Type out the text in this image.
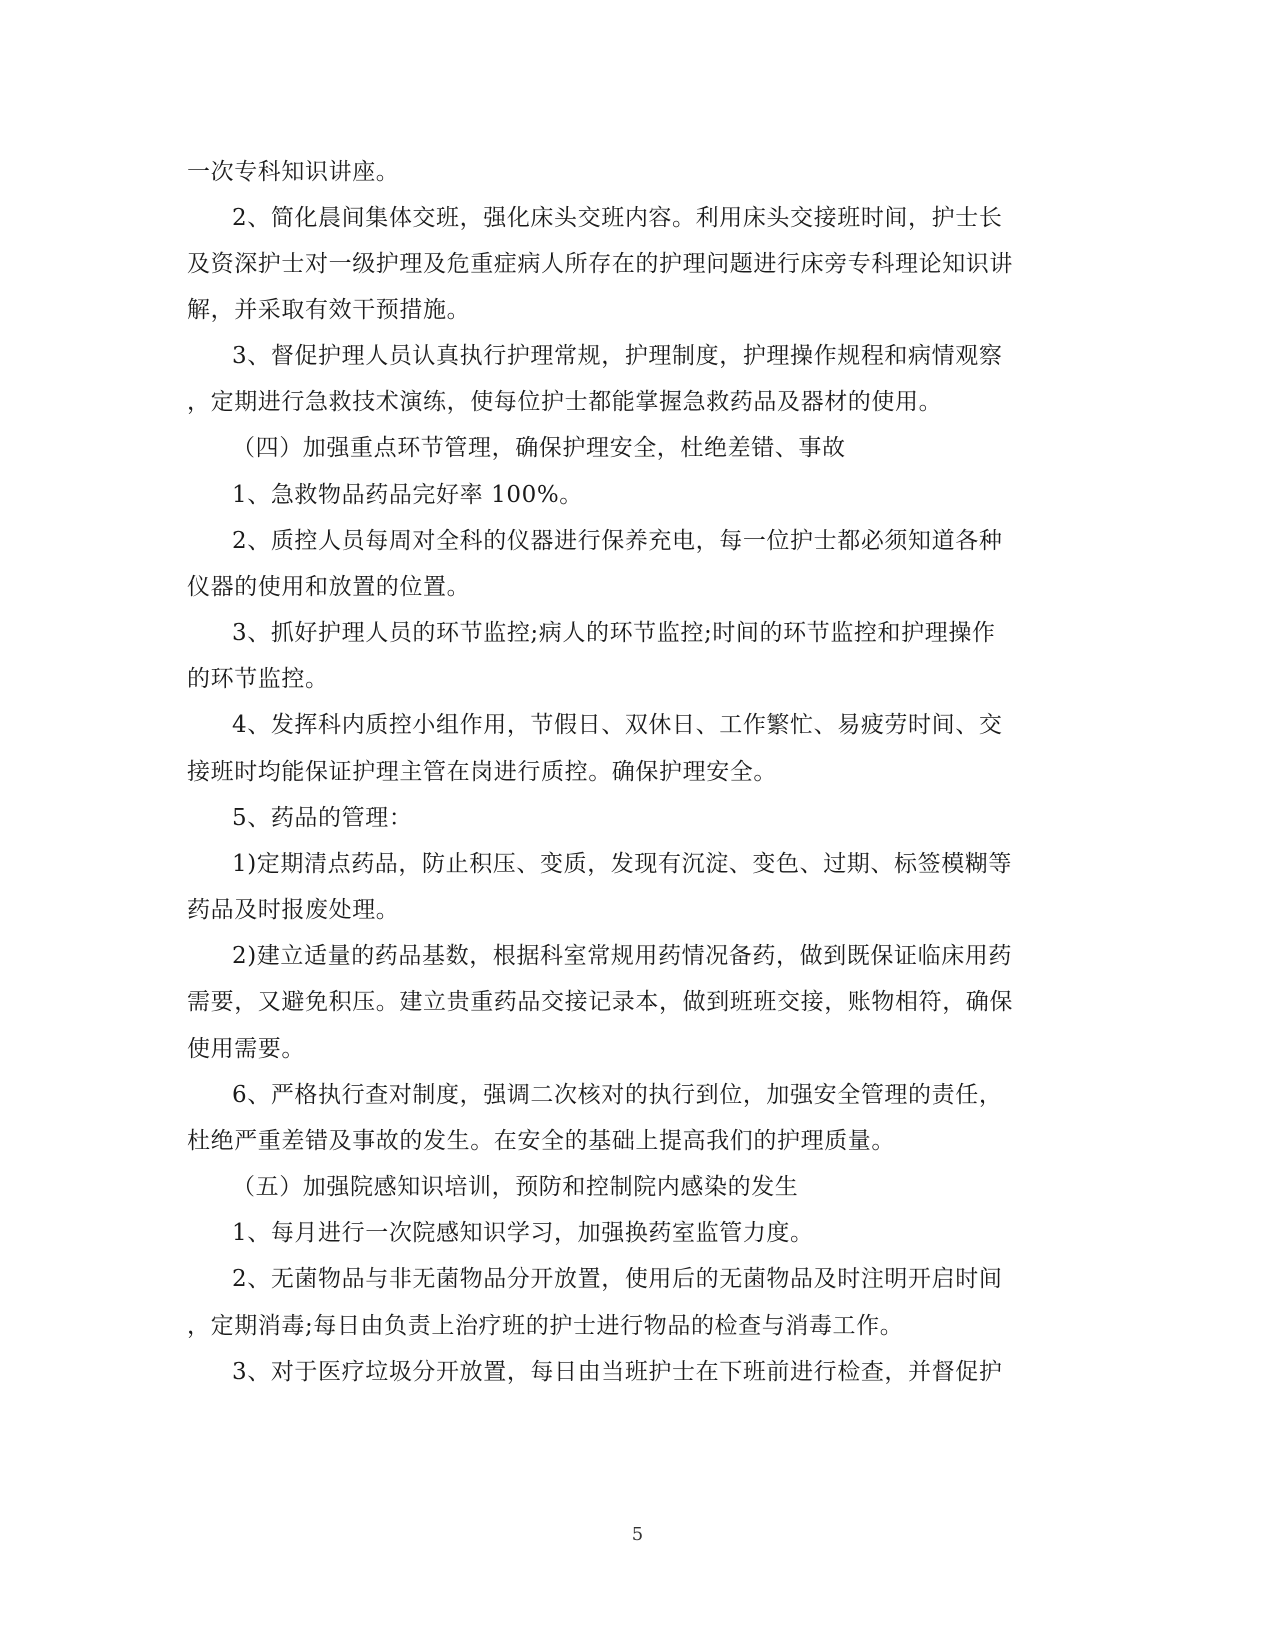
一次专科知识讲座。
2、简化晨间集体交班，强化床头交班内容。利用床头交接班时间，护士长
及资深护士对一级护理及危重症病人所存在的护理问题进行床旁专科理论知识讲
解，并采取有效干预措施。
3、督促护理人员认真执行护理常规，护理制度，护理操作规程和病情观察
，定期进行急救技术演练，使每位护士都能掌握急救药品及器材的使用。
（四）加强重点环节管理，确保护理安全，杜绝差错、事故
1、急救物品药品完好率 100%。
2、质控人员每周对全科的仪器进行保养充电，每一位护士都必须知道各种
仪器的使用和放置的位置。
3、抓好护理人员的环节监控;病人的环节监控;时间的环节监控和护理操作
的环节监控。
4、发挥科内质控小组作用，节假日、双休日、工作繁忙、易疲劳时间、交
接班时均能保证护理主管在岗进行质控。确保护理安全。
5、药品的管理：
1)定期清点药品，防止积压、变质，发现有沉淀、变色、过期、标签模糊等
药品及时报废处理。
2)建立适量的药品基数，根据科室常规用药情况备药，做到既保证临床用药
需要，又避免积压。建立贵重药品交接记录本，做到班班交接，账物相符，确保
使用需要。
6、严格执行查对制度，强调二次核对的执行到位，加强安全管理的责任，
杜绝严重差错及事故的发生。在安全的基础上提高我们的护理质量。
（五）加强院感知识培训，预防和控制院内感染的发生
1、每月进行一次院感知识学习，加强换药室监管力度。
2、无菌物品与非无菌物品分开放置，使用后的无菌物品及时注明开启时间
，定期消毒;每日由负责上治疗班的护士进行物品的检查与消毒工作。
3、对于医疗垃圾分开放置，每日由当班护士在下班前进行检查，并督促护
5
